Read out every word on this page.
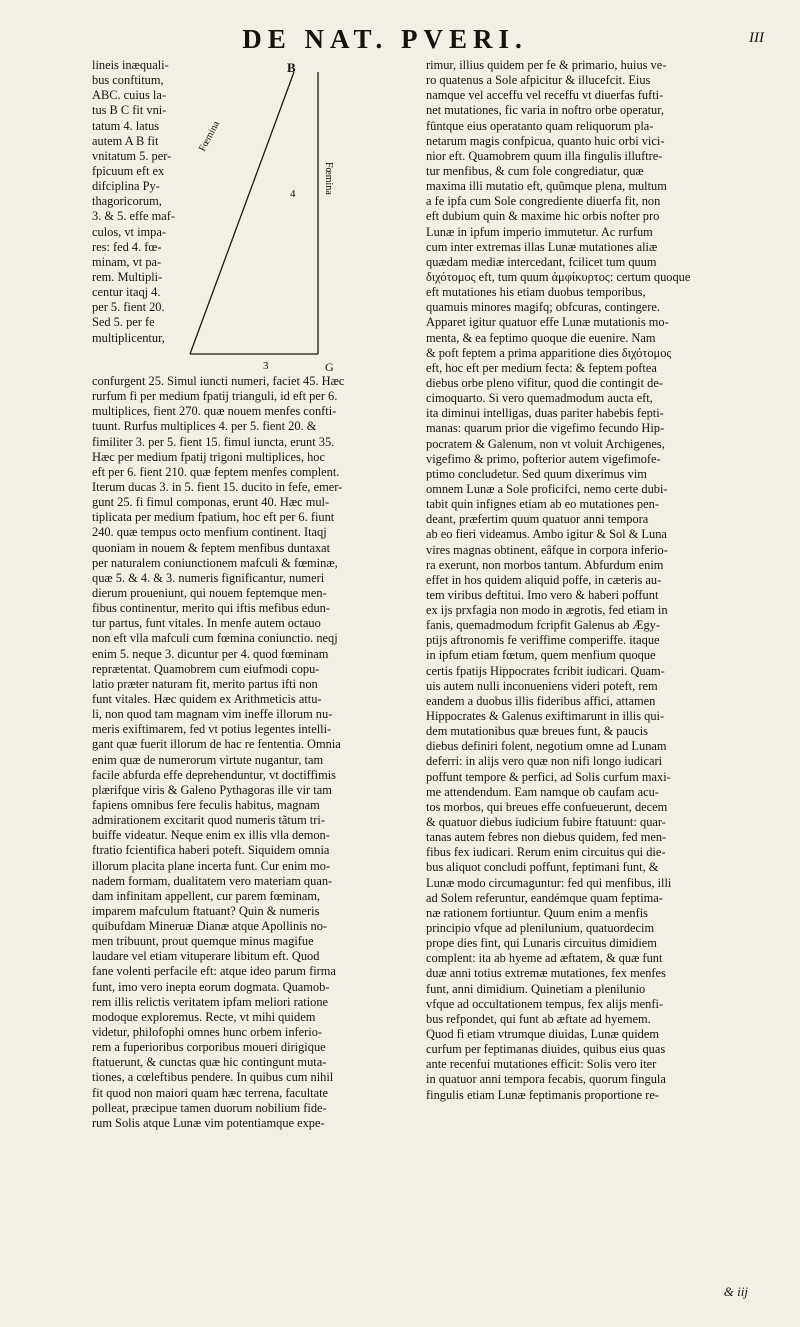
DE NAT. PVERI.	III
lineis inæquali-
bus conftitum,
ABC. cuius la-
tus B C fit vni-
tatum 4. latus
autem A B fit
vnitatum 5. per-
fpicuum eft ex
difciplina Py-
thagoricorum,
3. & 5. effe maf-
culos, vt impa-
res: fed 4. fœ-
minam, vt pa-
rem. Multipli-
centur itaqj 4.
per 5. fient 20.
Sed 5. per fe
multiplicentur,
B
G
3
4
Fœmina
Fœmina
confurgent 25. Simul iuncti numeri, faciet 45. Hæc
rurfum fi per medium fpatij trianguli, id eft per 6.
multiplices, fient 270. quæ nouem menfes confti-
tuunt. Rurfus multiplices 4. per 5. fient 20. &
fimiliter 3. per 5. fient 15. fimul iuncta, erunt 35.
Hæc per medium fpatij trigoni multiplices, hoc
eft per 6. fient 210. quæ feptem menfes complent.
Iterum ducas 3. in 5. fient 15. ducito in fefe, emer-
gunt 25. fi fimul componas, erunt 40. Hæc mul-
tiplicata per medium fpatium, hoc eft per 6. fiunt
240. quæ tempus octo menfium continent. Itaqj
quoniam in nouem & feptem menfibus duntaxat
per naturalem coniunctionem mafculi & fœminæ,
quæ 5. & 4. & 3. numeris fignificantur, numeri
dierum proueniunt, qui nouem feptemque men-
fibus continentur, merito qui iftis mefibus edun-
tur partus, funt vitales. In menfe autem octauo
non eft vlla mafculi cum fœmina coniunctio. neqj
enim 5. neque 3. dicuntur per 4. quod fœminam
reprætentat. Quamobrem cum eiufmodi copu-
latio præter naturam fit, merito partus ifti non
funt vitales. Hæc quidem ex Arithmeticis attu-
li, non quod tam magnam vim ineffe illorum nu-
meris exiftimarem, fed vt potius legentes intelli-
gant quæ fuerit illorum de hac re fententia. Omnia
enim quæ de numerorum virtute nugantur, tam
facile abfurda effe deprehenduntur, vt doctiffimis
plærifque viris & Galeno Pythagoras ille vir tam
fapiens omnibus fere feculis habitus, magnam
admirationem excitarit quod numeris tãtum tri-
buiffe videatur. Neque enim ex illis vlla demon-
ftratio fcientifica haberi poteft. Siquidem omnia
illorum placita plane incerta funt. Cur enim mo-
nadem formam, dualitatem vero materiam quan-
dam infinitam appellent, cur parem fœminam,
imparem mafculum ftatuant? Quin & numeris
quibufdam Mineruæ Dianæ atque Apollinis no-
men tribuunt, prout quemque minus magifue
laudare vel etiam vituperare libitum eft. Quod
fane volenti perfacile eft: atque ideo parum firma
funt, imo vero inepta eorum dogmata. Quamob-
rem illis relictis veritatem ipfam meliori ratione
modoque exploremus. Recte, vt mihi quidem
videtur, philofophi omnes hunc orbem inferio-
rem a fuperioribus corporibus moueri dirigique
ftatuerunt, & cunctas quæ hic contingunt muta-
tiones, a cœleftibus pendere. In quibus cum nihil
fit quod non maiori quam hæc terrena, facultate
polleat, præcipue tamen duorum nobilium fide-
rum Solis atque Lunæ vim potentiamque expe-
rimur, illius quidem per fe & primario, huius ve-
ro quatenus a Sole afpicitur & illucefcit. Eius
namque vel acceffu vel receffu vt diuerfas fufti-
net mutationes, fic varia in noftro orbe operatur,
fûntque eius operatanto quam reliquorum pla-
netarum magis confpicua, quanto huic orbi vici-
nior eft. Quamobrem quum illa fingulis illuftre-
tur menfibus, & cum fole congrediatur, quæ
maxima illi mutatio eft, quûmque plena, multum
a fe ipfa cum Sole congrediente diuerfa fit, non
eft dubium quin & maxime hic orbis nofter pro
Lunæ in ipfum imperio immutetur. Ac rurfum
cum inter extremas illas Lunæ mutationes aliæ
quædam mediæ intercedant, fcilicet tum quum
διχότομος eft, tum quum ἀμφίκυρτος: certum quoque
eft mutationes his etiam duobus temporibus,
quamuis minores magifq; obfcuras, contingere.
Apparet igitur quatuor effe Lunæ mutationis mo-
menta, & ea feptimo quoque die euenire. Nam
& poft feptem a prima apparitione dies διχότομος
eft, hoc eft per medium fecta: & feptem poftea
diebus orbe pleno vifitur, quod die contingit de-
cimoquarto. Si vero quemadmodum aucta eft,
ita diminui intelligas, duas pariter habebis fepti-
manas: quarum prior die vigefimo fecundo Hip-
pocratem & Galenum, non vt voluit Archigenes,
vigefimo & primo, pofterior autem vigefimofe-
ptimo concludetur. Sed quum dixerimus vim
omnem Lunæ a Sole proficifci, nemo certe dubi-
tabit quin infignes etiam ab eo mutationes pen-
deant, præfertim quum quatuor anni tempora
ab eo fieri videamus. Ambo igitur & Sol & Luna
vires magnas obtinent, eâfque in corpora inferio-
ra exerunt, non morbos tantum. Abfurdum enim
effet in hos quidem aliquid poffe, in cæteris au-
tem viribus deftitui. Imo vero & haberi poffunt
ex ijs prxfagia non modo in ægrotis, fed etiam in
fanis, quemadmodum fcripfit Galenus ab Ægy-
ptijs aftronomis fe veriffime comperiffe. itaque
in ipfum etiam fœtum, quem menfium quoque
certis fpatijs Hippocrates fcribit iudicari. Quam-
uis autem nulli inconueniens videri poteft, rem
eandem a duobus illis fideribus affici, attamen
Hippocrates & Galenus exiftimarunt in illis qui-
dem mutationibus quæ breues funt, & paucis
diebus definiri folent, negotium omne ad Lunam
deferri: in alijs vero quæ non nifi longo iudicari
poffunt tempore & perfici, ad Solis curfum maxi-
me attendendum. Eam namque ob caufam acu-
tos morbos, qui breues effe confueuerunt, decem
& quatuor diebus iudicium fubire ftatuunt: quar-
tanas autem febres non diebus quidem, fed men-
fibus fex iudicari. Rerum enim circuitus qui die-
bus aliquot concludi poffunt, feptimani funt, &
Lunæ modo circumaguntur: fed qui menfibus, illi
ad Solem referuntur, eandémque quam feptima-
næ rationem fortiuntur. Quum enim a menfis
principio vfque ad plenilunium, quatuordecim
prope dies fint, qui Lunaris circuitus dimidiem
complent: ita ab hyeme ad æftatem, & quæ funt
duæ anni totius extremæ mutationes, fex menfes
funt, anni dimidium. Quinetiam a plenilunio
vfque ad occultationem tempus, fex alijs menfi-
bus refpondet, qui funt ab æftate ad hyemem.
Quod fi etiam vtrumque diuidas, Lunæ quidem
curfum per feptimanas diuides, quibus eius quas
ante recenfui mutationes efficit: Solis vero iter
in quatuor anni tempora fecabis, quorum fingula
fingulis etiam Lunæ feptimanis proportione re-
& iij
